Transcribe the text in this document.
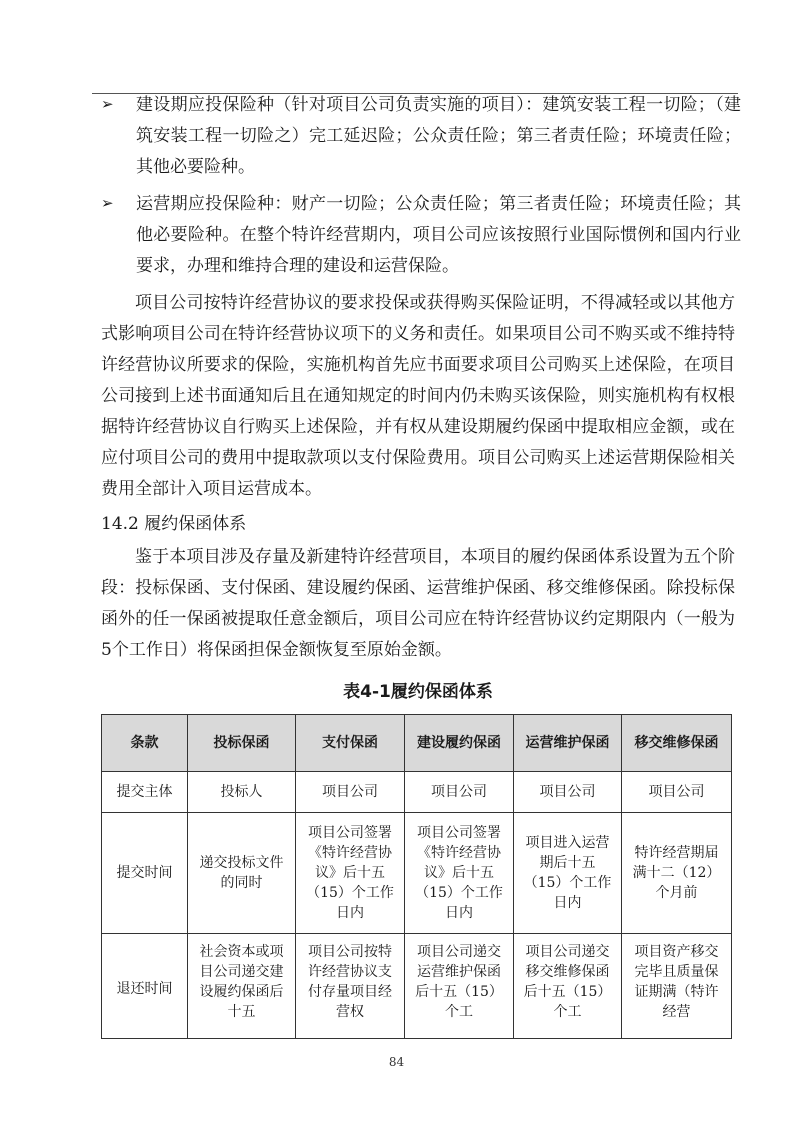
➢ 建设期应投保险种（针对项目公司负责实施的项目）：建筑安装工程一切险；（建筑安装工程一切险之）完工延迟险；公众责任险；第三者责任险；环境责任险；其他必要险种。
➢ 运营期应投保险种：财产一切险；公众责任险；第三者责任险；环境责任险；其他必要险种。在整个特许经营期内，项目公司应该按照行业国际惯例和国内行业要求，办理和维持合理的建设和运营保险。
项目公司按特许经营协议的要求投保或获得购买保险证明，不得减轻或以其他方式影响项目公司在特许经营协议项下的义务和责任。如果项目公司不购买或不维持特许经营协议所要求的保险，实施机构首先应书面要求项目公司购买上述保险，在项目公司接到上述书面通知后且在通知规定的时间内仍未购买该保险，则实施机构有权根据特许经营协议自行购买上述保险，并有权从建设期履约保函中提取相应金额，或在应付项目公司的费用中提取款项以支付保险费用。项目公司购买上述运营期保险相关费用全部计入项目运营成本。
14.2 履约保函体系
鉴于本项目涉及存量及新建特许经营项目，本项目的履约保函体系设置为五个阶段：投标保函、支付保函、建设履约保函、运营维护保函、移交维修保函。除投标保函外的任一保函被提取任意金额后，项目公司应在特许经营协议约定期限内（一般为5个工作日）将保函担保金额恢复至原始金额。
表4-1履约保函体系
条款	投标保函	支付保函	建设履约保函	运营维护保函	移交维修保函
提交主体	投标人	项目公司	项目公司	项目公司	项目公司
提交时间	递交投标文件的同时	项目公司签署《特许经营协议》后十五（15）个工作日内	项目公司签署《特许经营协议》后十五（15）个工作日内	项目进入运营期后十五（15）个工作日内	特许经营期届满十二（12）个月前
退还时间	社会资本或项目公司递交建设履约保函后十五	项目公司按特许经营协议支付存量项目经营权	项目公司递交运营维护保函后十五（15）个工	项目公司递交移交维修保函后十五（15）个工	项目资产移交完毕且质量保证期满（特许经营
84
